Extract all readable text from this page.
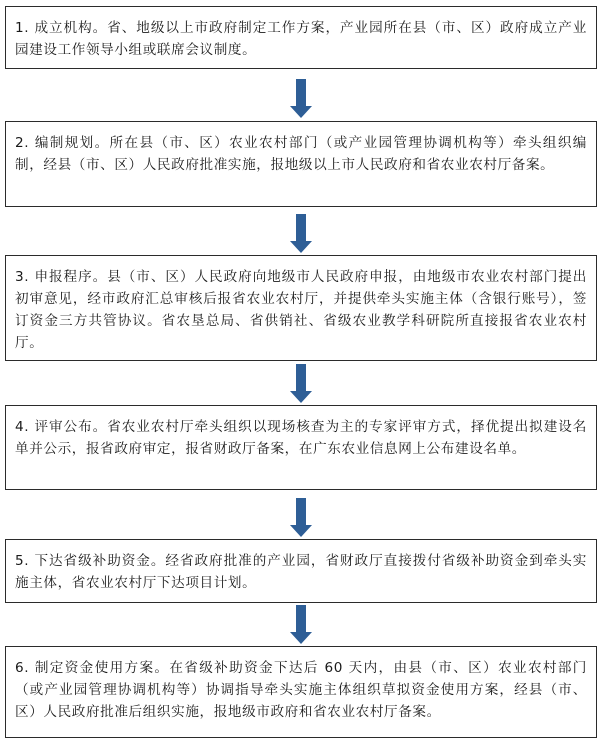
1. 成立机构。省、地级以上市政府制定工作方案，产业园所在县（市、区）政府成立产业园建设工作领导小组或联席会议制度。
2. 编制规划。所在县（市、区）农业农村部门（或产业园管理协调机构等）牵头组织编制，经县（市、区）人民政府批准实施，报地级以上市人民政府和省农业农村厅备案。
3. 申报程序。县（市、区）人民政府向地级市人民政府申报，由地级市农业农村部门提出初审意见，经市政府汇总审核后报省农业农村厅，并提供牵头实施主体（含银行账号），签订资金三方共管协议。省农垦总局、省供销社、省级农业教学科研院所直接报省农业农村厅。
4. 评审公布。省农业农村厅牵头组织以现场核查为主的专家评审方式，择优提出拟建设名单并公示，报省政府审定，报省财政厅备案，在广东农业信息网上公布建设名单。
5. 下达省级补助资金。经省政府批准的产业园，省财政厅直接拨付省级补助资金到牵头实施主体，省农业农村厅下达项目计划。
6. 制定资金使用方案。在省级补助资金下达后 60 天内，由县（市、区）农业农村部门（或产业园管理协调机构等）协调指导牵头实施主体组织草拟资金使用方案，经县（市、区）人民政府批准后组织实施，报地级市政府和省农业农村厅备案。
